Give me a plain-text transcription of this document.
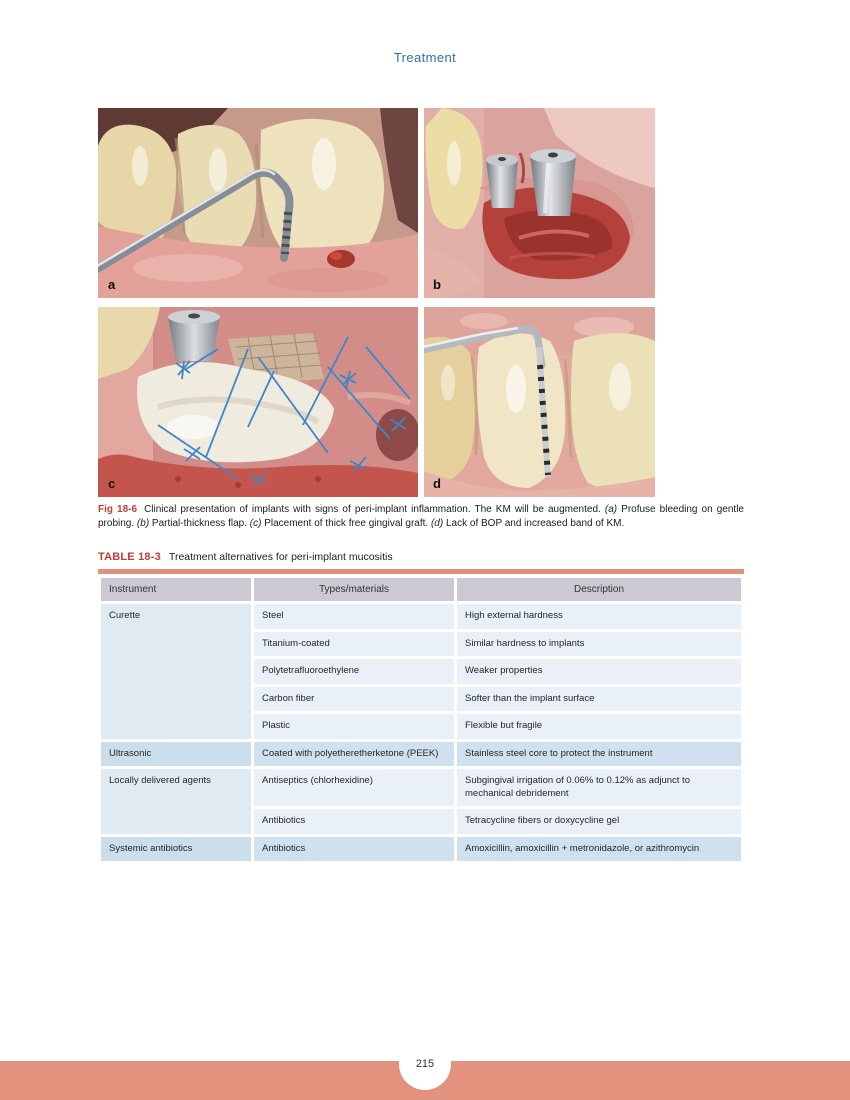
Treatment
a	b
c	d

Fig 18-6 Clinical presentation of implants with signs of peri-implant inflammation. The KM will be augmented. (a) Profuse bleeding on gentle probing. (b) Partial-thickness flap. (c) Placement of thick free gingival graft. (d) Lack of BOP and increased band of KM.

TABLE 18-3 Treatment alternatives for peri-implant mucositis
Instrument	Types/materials	Description
Curette	Steel	High external hardness
	Titanium-coated	Similar hardness to implants
	Polytetrafluoroethylene	Weaker properties
	Carbon fiber	Softer than the implant surface
	Plastic	Flexible but fragile
Ultrasonic	Coated with polyetheretherketone (PEEK)	Stainless steel core to protect the instrument
Locally delivered agents	Antiseptics (chlorhexidine)	Subgingival irrigation of 0.06% to 0.12% as adjunct to mechanical debridement
	Antibiotics	Tetracycline fibers or doxycycline gel
Systemic antibiotics	Antibiotics	Amoxicillin, amoxicillin + metronidazole, or azithromycin
215
